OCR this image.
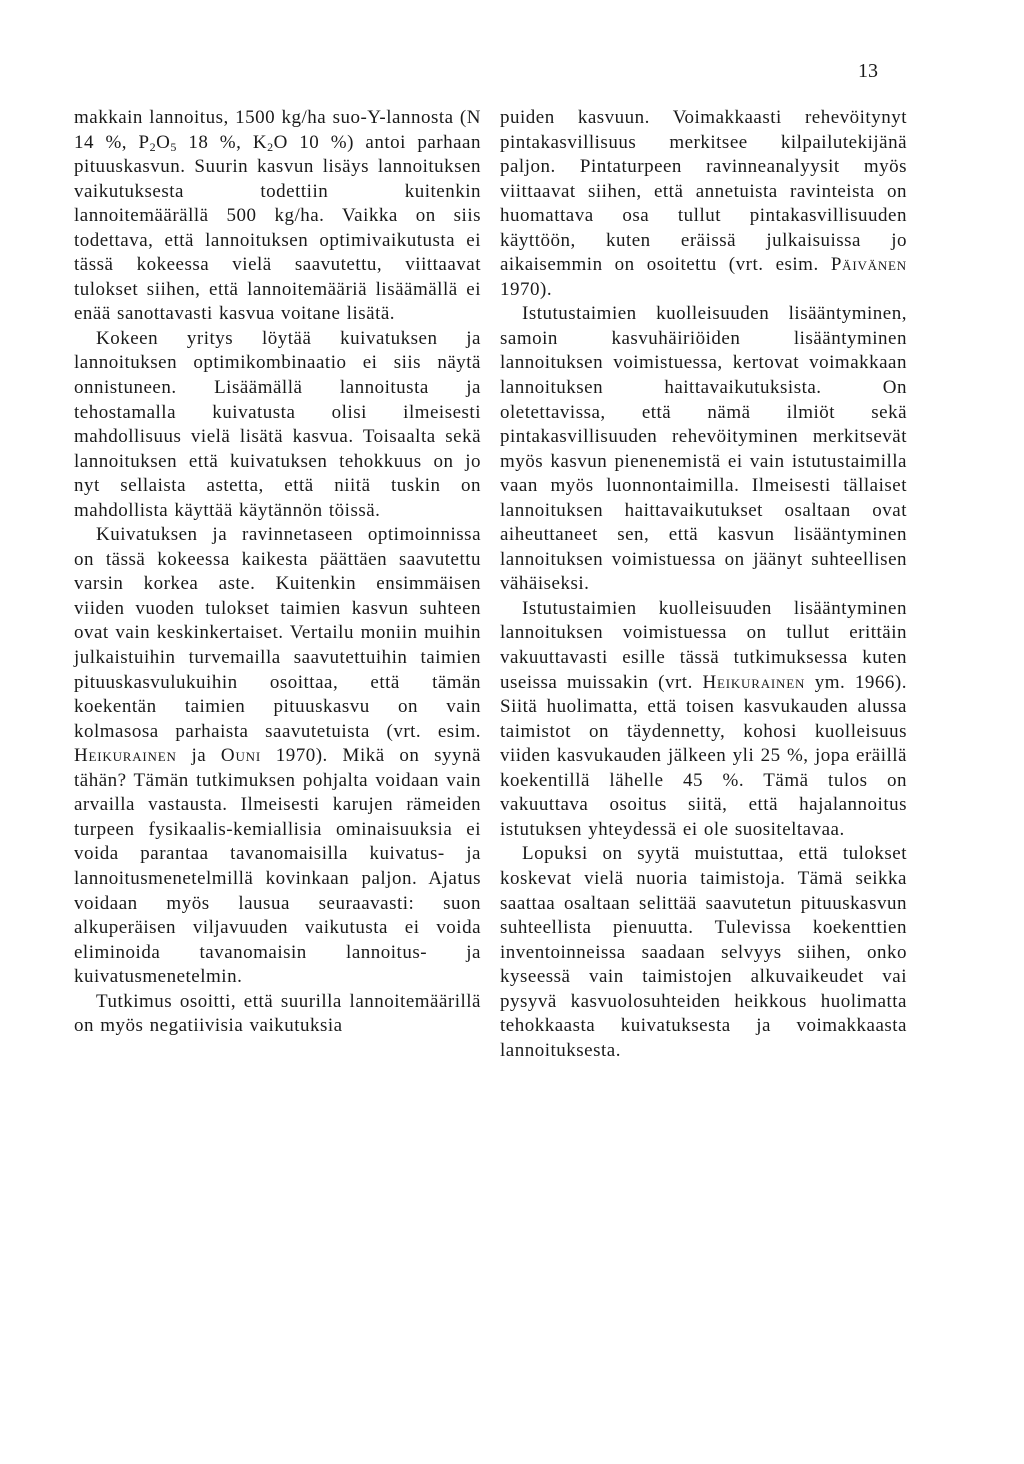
13

makkain lannoitus, 1500 kg/ha suo-Y-lannosta (N 14 %, $P_2O_5$ 18 %, $K_2O$ 10 %) antoi parhaan pituuskasvun. Suurin kasvun lisäys lannoituksen vaikutuksesta todettiin kuitenkin lannoitemäärällä 500 kg/ha. Vaikka on siis todettava, että lannoituksen optimivaikutusta ei tässä kokeessa vielä saavutettu, viittaavat tulokset siihen, että lannoitemääriä lisäämällä ei enää sanottavasti kasvua voitane lisätä.

Kokeen yritys löytää kuivatuksen ja lannoituksen optimikombinaatio ei siis näytä onnistuneen. Lisäämällä lannoitusta ja tehostamalla kuivatusta olisi ilmeisesti mahdollisuus vielä lisätä kasvua. Toisaalta sekä lannoituksen että kuivatuksen tehokkuus on jo nyt sellaista astetta, että niitä tuskin on mahdollista käyttää käytännön töissä.

Kuivatuksen ja ravinnetaseen optimoinnissa on tässä kokeessa kaikesta päättäen saavutettu varsin korkea aste. Kuitenkin ensimmäisen viiden vuoden tulokset taimien kasvun suhteen ovat vain keskinkertaiset. Vertailu moniin muihin julkaistuihin turvemailla saavutettuihin taimien pituuskasvulukuihin osoittaa, että tämän koekentän taimien pituuskasvu on vain kolmasosa parhaista saavutetuista (vrt. esim. Heikurainen ja Ouni 1970). Mikä on syynä tähän? Tämän tutkimuksen pohjalta voidaan vain arvailla vastausta. Ilmeisesti karujen rämeiden turpeen fysikaalis-kemiallisia ominaisuuksia ei voida parantaa tavanomaisilla kuivatus- ja lannoitusmenetelmillä kovinkaan paljon. Ajatus voidaan myös lausua seuraavasti: suon alkuperäisen viljavuuden vaikutusta ei voida eliminoida tavanomaisin lannoitus- ja kuivatusmenetelmin.

Tutkimus osoitti, että suurilla lannoitemäärillä on myös negatiivisia vaikutuksia

puiden kasvuun. Voimakkaasti rehevöitynyt pintakasvillisuus merkitsee kilpailutekijänä paljon. Pintaturpeen ravinneanalyysit myös viittaavat siihen, että annetuista ravinteista on huomattava osa tullut pintakasvillisuuden käyttöön, kuten eräissä julkaisuissa jo aikaisemmin on osoitettu (vrt. esim. Päivänen 1970).

Istutustaimien kuolleisuuden lisääntyminen, samoin kasvuhäiriöiden lisääntyminen lannoituksen voimistuessa, kertovat voimakkaan lannoituksen haittavaikutuksista. On oletettavissa, että nämä ilmiöt sekä pintakasvillisuuden rehevöityminen merkitsevät myös kasvun pienenemistä ei vain istutustaimilla vaan myös luonnontaimilla. Ilmeisesti tällaiset lannoituksen haittavaikutukset osaltaan ovat aiheuttaneet sen, että kasvun lisääntyminen lannoituksen voimistuessa on jäänyt suhteellisen vähäiseksi.

Istutustaimien kuolleisuuden lisääntyminen lannoituksen voimistuessa on tullut erittäin vakuuttavasti esille tässä tutkimuksessa kuten useissa muissakin (vrt. Heikurainen ym. 1966). Siitä huolimatta, että toisen kasvukauden alussa taimistot on täydennetty, kohosi kuolleisuus viiden kasvukauden jälkeen yli 25 %, jopa eräillä koekentillä lähelle 45 %. Tämä tulos on vakuuttava osoitus siitä, että hajalannoitus istutuksen yhteydessä ei ole suositeltavaa.

Lopuksi on syytä muistuttaa, että tulokset koskevat vielä nuoria taimistoja. Tämä seikka saattaa osaltaan selittää saavutetun pituuskasvun suhteellista pienuutta. Tulevissa koekenttien inventoinneissa saadaan selvyys siihen, onko kyseessä vain taimistojen alkuvaikeudet vai pysyvä kasvuolosuhteiden heikkous huolimatta tehokkaasta kuivatuksesta ja voimakkaasta lannoituksesta.
